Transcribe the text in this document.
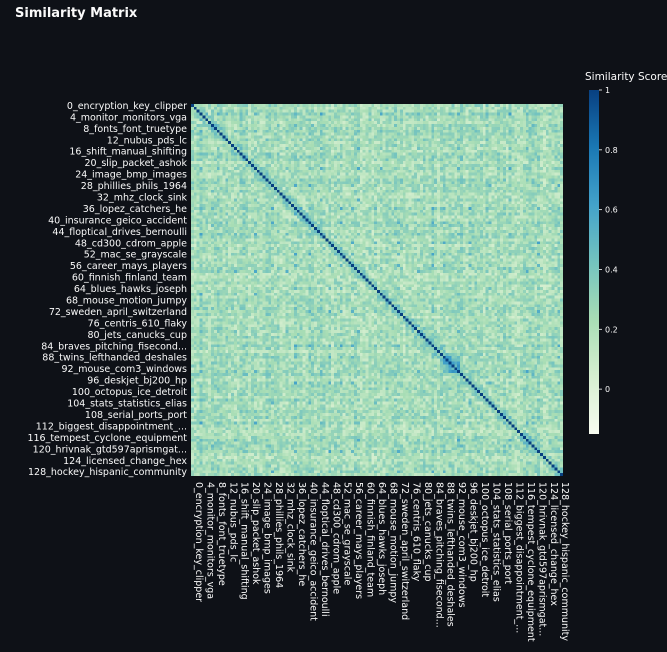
Similarity Matrix
0_encryption_key_clipper
4_monitor_monitors_vga
8_fonts_font_truetype
12_nubus_pds_lc
16_shift_manual_shifting
20_slip_packet_ashok
24_image_bmp_images
28_phillies_phils_1964
32_mhz_clock_sink
36_lopez_catchers_he
40_insurance_geico_accident
44_floptical_drives_bernoulli
48_cd300_cdrom_apple
52_mac_se_grayscale
56_career_mays_players
60_finnish_finland_team
64_blues_hawks_joseph
68_mouse_motion_jumpy
72_sweden_april_switzerland
76_centris_610_flaky
80_jets_canucks_cup
84_braves_pitching_fisecond...
88_twins_lefthanded_deshales
92_mouse_com3_windows
96_deskjet_bj200_hp
100_octopus_ice_detroit
104_stats_statistics_elias
108_serial_ports_port
112_biggest_disappointment_...
116_tempest_cyclone_equipment
120_hrivnak_gtd597aprismgat...
124_licensed_change_hex
128_hockey_hispanic_community
0_encryption_key_clipper 4_monitor_monitors_vga 8_fonts_font_truetype 12_nubus_pds_lc 16_shift_manual_shifting 20_slip_packet_ashok 24_image_bmp_images 28_phillies_phils_1964 32_mhz_clock_sink 36_lopez_catchers_he 40_insurance_geico_accident 44_floptical_drives_bernoulli 48_cd300_cdrom_apple 52_mac_se_grayscale 56_career_mays_players 60_finnish_finland_team 64_blues_hawks_joseph 68_mouse_motion_jumpy 72_sweden_april_switzerland 76_centris_610_flaky 80_jets_canucks_cup 84_braves_pitching_fisecond... 88_twins_lefthanded_deshales 92_mouse_com3_windows 96_deskjet_bj200_hp 100_octopus_ice_detroit 104_stats_statistics_elias 108_serial_ports_port 112_biggest_disappointment_... 116_tempest_cyclone_equipment 120_hrivnak_gtd597aprismgat... 124_licensed_change_hex 128_hockey_hispanic_community
Similarity Score
0
0.2
0.4
0.6
0.8
1
